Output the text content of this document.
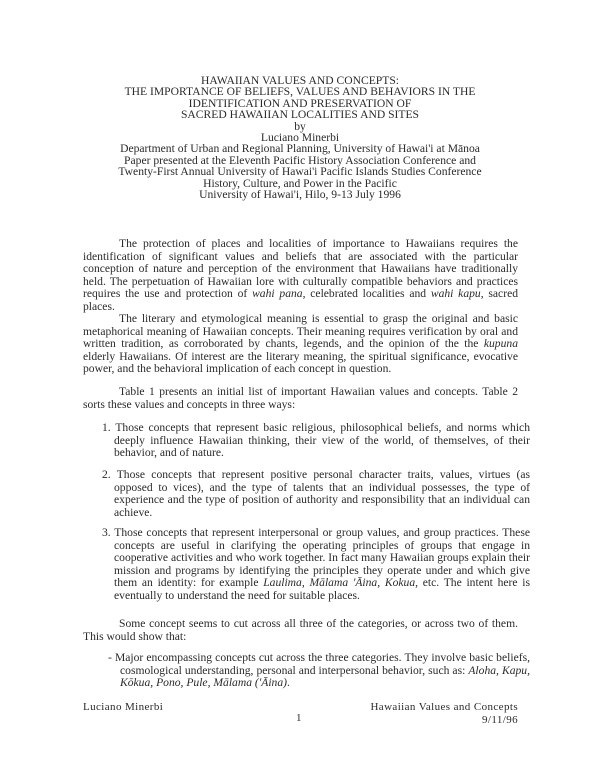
HAWAIIAN VALUES AND CONCEPTS:
THE IMPORTANCE OF BELIEFS, VALUES AND BEHAVIORS IN THE
IDENTIFICATION AND PRESERVATION OF
SACRED HAWAIIAN LOCALITIES AND SITES
by
Luciano Minerbi
Department of Urban and Regional Planning, University of Hawai'i at Mānoa
Paper presented at the Eleventh Pacific History Association Conference and
Twenty-First Annual University of Hawai'i Pacific Islands Studies Conference
History, Culture, and Power in the Pacific
University of Hawai'i, Hilo, 9-13 July 1996
The protection of places and localities of importance to Hawaiians requires the identification of significant values and beliefs that are associated with the particular conception of nature and perception of the environment that Hawaiians have traditionally held. The perpetuation of Hawaiian lore with culturally compatible behaviors and practices requires the use and protection of wahi pana, celebrated localities and wahi kapu, sacred places.
The literary and etymological meaning is essential to grasp the original and basic metaphorical meaning of Hawaiian concepts. Their meaning requires verification by oral and written tradition, as corroborated by chants, legends, and the opinion of the the kupuna elderly Hawaiians. Of interest are the literary meaning, the spiritual significance, evocative power, and the behavioral implication of each concept in question.
Table 1 presents an initial list of important Hawaiian values and concepts. Table 2 sorts these values and concepts in three ways:
1. Those concepts that represent basic religious, philosophical beliefs, and norms which deeply influence Hawaiian thinking, their view of the world, of themselves, of their behavior, and of nature.
2. Those concepts that represent positive personal character traits, values, virtues (as opposed to vices), and the type of talents that an individual possesses, the type of experience and the type of position of authority and responsibility that an individual can achieve.
3. Those concepts that represent interpersonal or group values, and group practices. These concepts are useful in clarifying the operating principles of groups that engage in cooperative activities and who work together. In fact many Hawaiian groups explain their mission and programs by identifying the principles they operate under and which give them an identity: for example Laulima, Mālama 'Āina, Kokua, etc. The intent here is eventually to understand the need for suitable places.
Some concept seems to cut across all three of the categories, or across two of them. This would show that:
- Major encompassing concepts cut across the three categories. They involve basic beliefs, cosmological understanding, personal and interpersonal behavior, such as: Aloha, Kapu, Kōkua, Pono, Pule, Mālama ('Āina).
Luciano Minerbi
1
Hawaiian Values and Concepts
9/11/96
